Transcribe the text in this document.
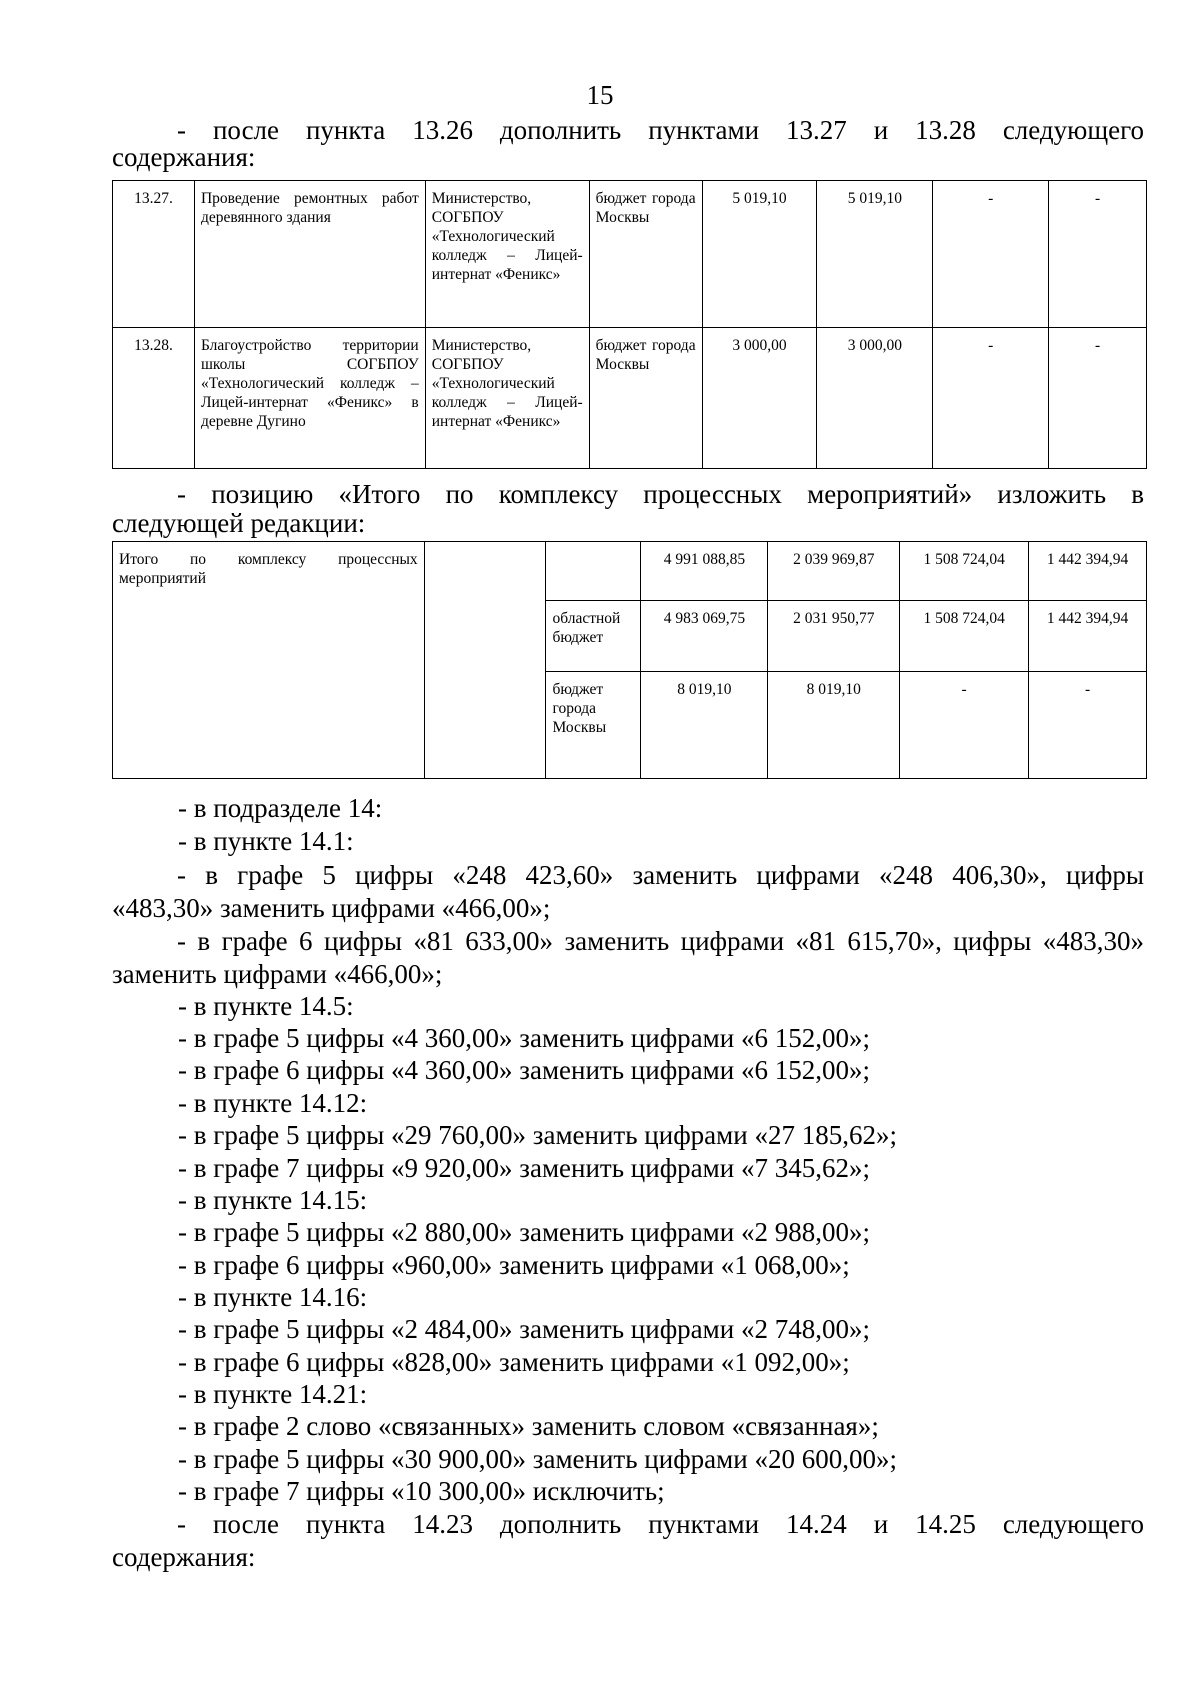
15

- после пункта 13.26 дополнить пунктами 13.27 и 13.28 следующего

содержания:

13.27.	Проведение ремонтных работ деревянного здания	Министерство, СОГБПОУ «Технологический колледж – Лицей-интернат «Феникс»	бюджет города Москвы	5 019,10	5 019,10	-	-
13.28.	Благоустройство территории школы СОГБПОУ «Технологический колледж – Лицей-интернат «Феникс» в деревне Дугино	Министерство, СОГБПОУ «Технологический колледж – Лицей-интернат «Феникс»	бюджет города Москвы	3 000,00	3 000,00	-	-

- позицию «Итого по комплексу процессных мероприятий» изложить в

следующей редакции:

Итого по комплексу процессных мероприятий			4 991 088,85	2 039 969,87	1 508 724,04	1 442 394,94
		областной бюджет	4 983 069,75	2 031 950,77	1 508 724,04	1 442 394,94
		бюджет города Москвы	8 019,10	8 019,10	-	-
- в подразделе 14:
- в пункте 14.1:

- в графе 5 цифры «248 423,60» заменить цифрами «248 406,30», цифры

«483,30» заменить цифрами «466,00»;

- в графе 6 цифры «81 633,00» заменить цифрами «81 615,70», цифры «483,30»

заменить цифрами «466,00»;

- в пункте 14.5:
- в графе 5 цифры «4 360,00» заменить цифрами «6 152,00»;
- в графе 6 цифры «4 360,00» заменить цифрами «6 152,00»;
- в пункте 14.12:
- в графе 5 цифры «29 760,00» заменить цифрами «27 185,62»;
- в графе 7 цифры «9 920,00» заменить цифрами «7 345,62»;
- в пункте 14.15:
- в графе 5 цифры «2 880,00» заменить цифрами «2 988,00»;
- в графе 6 цифры «960,00» заменить цифрами «1 068,00»;
- в пункте 14.16:
- в графе 5 цифры «2 484,00» заменить цифрами «2 748,00»;
- в графе 6 цифры «828,00» заменить цифрами «1 092,00»;
- в пункте 14.21:
- в графе 2 слово «связанных» заменить словом «связанная»;
- в графе 5 цифры «30 900,00» заменить цифрами «20 600,00»;
- в графе 7 цифры «10 300,00» исключить;

- после пункта 14.23 дополнить пунктами 14.24 и 14.25 следующего

содержания:
